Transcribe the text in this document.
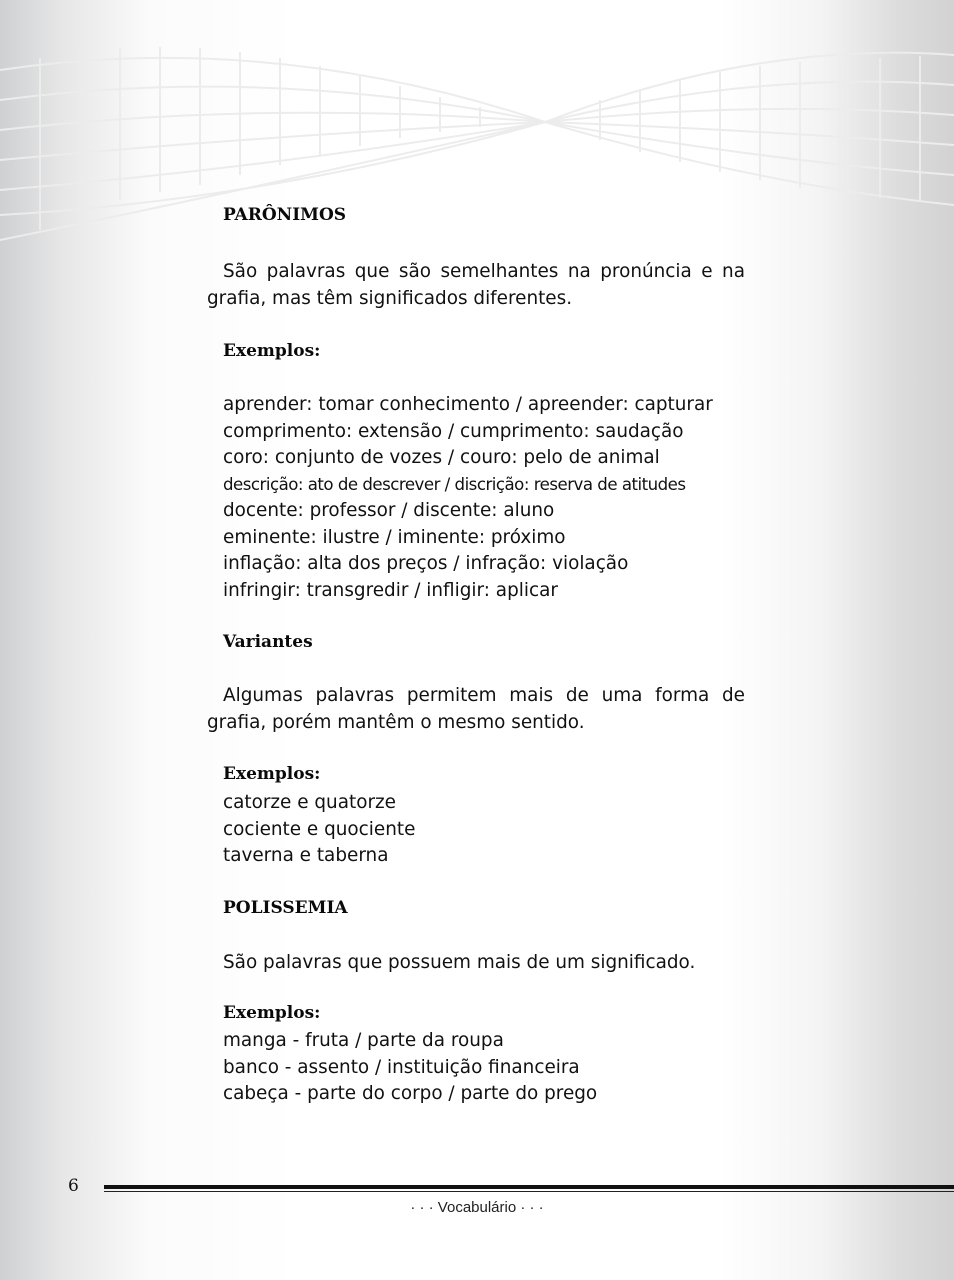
PARÔNIMOS

São palavras que são semelhantes na pronúncia e na grafia, mas têm significados diferentes.

Exemplos:
aprender: tomar conhecimento / apreender: capturar
comprimento: extensão / cumprimento: saudação
coro: conjunto de vozes / couro: pelo de animal
descrição: ato de descrever / discrição: reserva de atitudes
docente: professor / discente: aluno
eminente: ilustre / iminente: próximo
inflação: alta dos preços / infração: violação
infringir: transgredir / infligir: aplicar
Variantes

Algumas palavras permitem mais de uma forma de grafia, porém mantêm o mesmo sentido.

Exemplos:
catorze e quatorze
cociente e quociente
taverna e taberna
POLISSEMIA

São palavras que possuem mais de um significado.

Exemplos:
manga - fruta / parte da roupa
banco - assento / instituição financeira
cabeça - parte do corpo / parte do prego
6
· · · Vocabulário · · ·
